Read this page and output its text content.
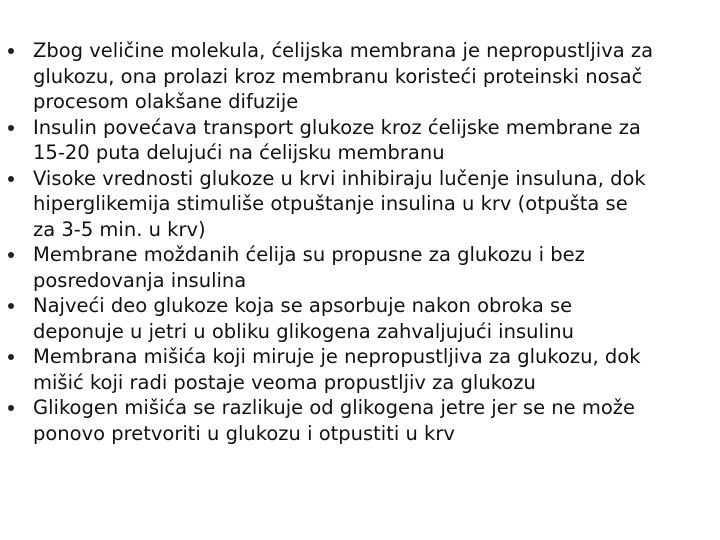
Zbog veličine molekula, ćelijska membrana je nepropustljiva za
glukozu, ona prolazi kroz membranu koristeći proteinski nosač
procesom olakšane difuzije
Insulin povećava transport glukoze kroz ćelijske membrane za
15-20 puta delujući na ćelijsku membranu
Visoke vrednosti glukoze u krvi inhibiraju lučenje insuluna, dok
hiperglikemija stimuliše otpuštanje insulina u krv (otpušta se
za 3-5 min. u krv)
Membrane moždanih ćelija su propusne za glukozu i bez
posredovanja insulina
Najveći deo glukoze koja se apsorbuje nakon obroka se
deponuje u jetri u obliku glikogena zahvaljujući insulinu
Membrana mišića koji miruje je nepropustljiva za glukozu, dok
mišić koji radi postaje veoma propustljiv za glukozu
Glikogen mišića se razlikuje od glikogena jetre jer se ne može
ponovo pretvoriti u glukozu i otpustiti u krv
